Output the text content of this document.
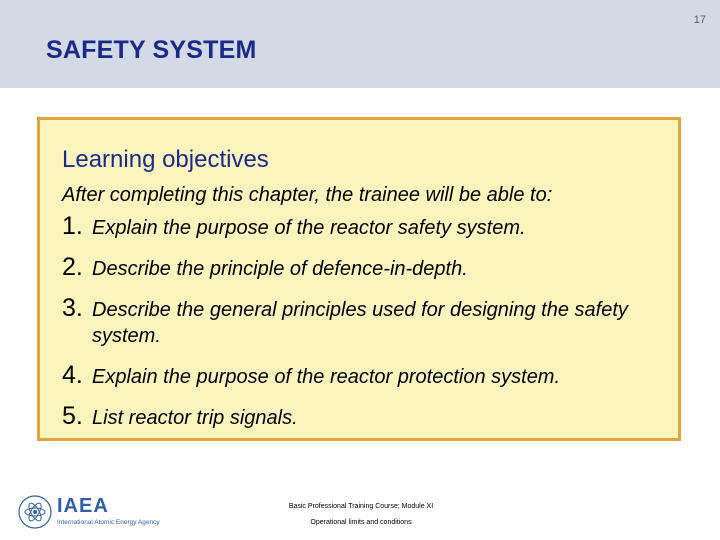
17
SAFETY SYSTEM
Learning objectives
After completing this chapter, the trainee will be able to:
1. Explain the purpose of the reactor safety system.
2. Describe the principle of defence-in-depth.
3. Describe the general principles used for designing the safety system.
4. Explain the purpose of the reactor protection system.
5. List reactor trip signals.
IAEA
International Atomic Energy Agency
Basic Professional Training Course; Module XI
Operational limits and conditions
